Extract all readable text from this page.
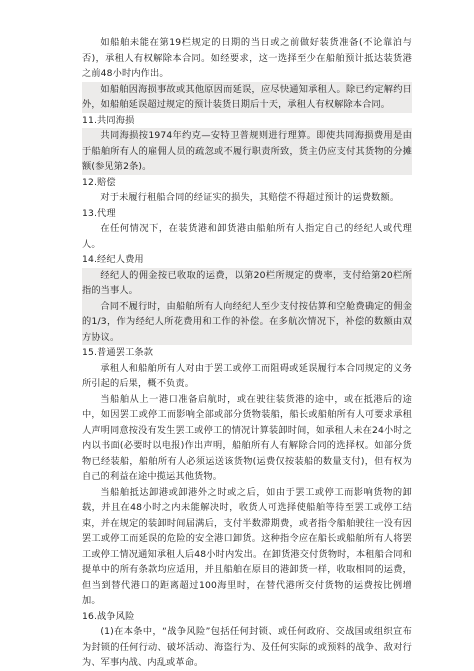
如船舶未能在第19栏规定的日期的当日或之前做好装货准备(不论靠泊与否)，承租人有权解除本合同。如经要求，这一选择至少在船舶预计抵达装货港之前48小时内作出。

如船舶因海损事故或其他原因而延误，应尽快通知承租人。除已约定解约日外，如船舶延误超过规定的预计装货日期后十天，承租人有权解除本合同。

11.共同海损

共同海损按1974年约克—安特卫普规则进行理算。即使共同海损费用是由于船舶所有人的雇佣人员的疏忽或不履行职责所致，货主仍应支付其货物的分摊额(参见第2条)。

12.赔偿

对于未履行租船合同的经证实的损失，其赔偿不得超过预计的运费数额。

13.代理

在任何情况下，在装货港和卸货港由船舶所有人指定自己的经纪人或代理人。

14.经纪人费用

经纪人的佣金按已收取的运费，以第20栏所规定的费率，支付给第20栏所指的当事人。

合同不履行时，由船舶所有人向经纪人至少支付按估算和空舱费确定的佣金的1/3，作为经纪人所花费用和工作的补偿。在多航次情况下，补偿的数额由双方协议。

15.普通罢工条款

承租人和船舶所有人对由于罢工或停工而阻碍或延误履行本合同规定的义务所引起的后果，概不负责。

当船舶从上一港口准备启航时，或在驶往装货港的途中，或在抵港后的途中，如因罢工或停工而影响全部或部分货物装船，船长或船舶所有人可要求承租人声明同意按没有发生罢工或停工的情况计算装卸时间，如承租人未在24小时之内以书面(必要时以电报)作出声明，船舶所有人有解除合同的选择权。如部分货物已经装船，船舶所有人必须运送该货物(运费仅按装船的数量支付)，但有权为自己的利益在途中揽运其他货物。

当船舶抵达卸港或卸港外之时或之后，如由于罢工或停工而影响货物的卸载，并且在48小时之内未能解决时，收货人可选择使船舶等待至罢工或停工结束，并在规定的装卸时间届满后，支付半数滞期费，或者指令船舶驶往一没有因罢工或停工而延误的危险的安全港口卸货。这种指令应在船长或船舶所有人将罢工或停工情况通知承租人后48小时内发出。在卸货港交付货物时，本租船合同和提单中的所有条款均应适用，并且船舶在原目的港卸货一样，收取相同的运费，但当到替代港口的距离超过100海里时，在替代港所交付货物的运费按比例增加。

16.战争风险

(1)在本条中，“战争风险”包括任何封锁、或任何政府、交战国或组织宣布为封锁的任何行动、破坏活动、海盗行为、及任何实际的或预料的战争、敌对行为、军事内战、内乱或革命。
